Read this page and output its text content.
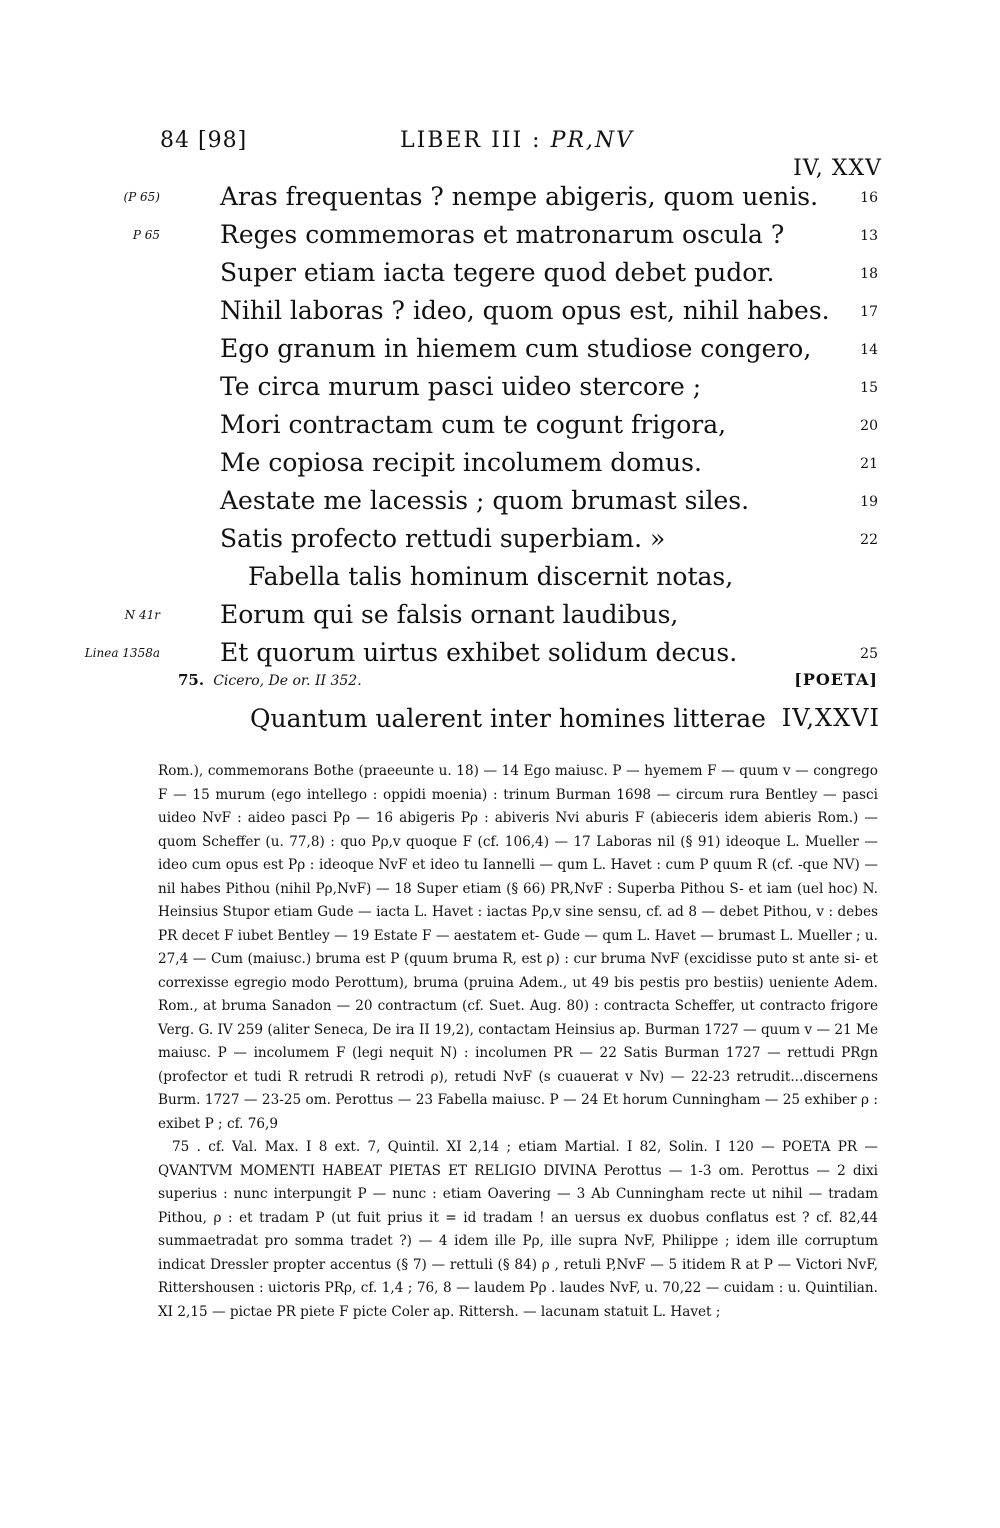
84 [98]	LIBER III : PR,NV
IV, XXV
(P 65) Aras frequentas ? nempe abigeris, quom uenis.	16
P 65 Reges commemoras et matronarum oscula ?	13
Super etiam iacta tegere quod debet pudor.	18
Nihil laboras ? ideo, quom opus est, nihil habes.	17
Ego granum in hiemem cum studiose congero,	14
Te circa murum pasci uideo stercore ;	15
Mori contractam cum te cogunt frigora,	20
Me copiosa recipit incolumem domus.	21
Aestate me lacessis ; quom brumast siles.	19
Satis profecto rettudi superbiam. »	22
Fabella talis hominum discernit notas,
N 41r Eorum qui se falsis ornant laudibus,
Linea 1358a Et quorum uirtus exhibet solidum decus.	25
75. Cicero, De or. II 352.	[POETA]
Quantum ualerent inter homines litterae IV,XXVI

Rom.), commemorans Bothe (praeeunte u. 18) — 14 Ego maiusc. P — hyemem F — quum v — congrego F — 15 murum (ego intellego : oppidi moenia) : trinum Burman 1698 — circum rura Bentley — pasci uideo NvF : aideo pasci Pρ — 16 abigeris Pρ : abiveris Nvi aburis F (abieceris idem abieris Rom.) — quom Scheffer (u. 77,8) : quo Pρ,v quoque F (cf. 106,4) — 17 Laboras nil (§ 91) ideoque L. Mueller — ideo cum opus est Pρ : ideoque NvF et ideo tu Iannelli — qum L. Havet : cum P quum R (cf. -que NV) — nil habes Pithou (nihil Pρ,NvF) — 18 Super etiam (§ 66) PR,NvF : Superba Pithou S- et iam (uel hoc) N. Heinsius Stupor etiam Gude — iacta L. Havet : iactas Pρ,v sine sensu, cf. ad 8 — debet Pithou, v : debes PR decet F iubet Bentley — 19 Estate F — aestatem et- Gude — qum L. Havet — brumast L. Mueller ; u. 27,4 — Cum (maiusc.) bruma est P (quum bruma R, est ρ) : cur bruma NvF (excidisse puto st ante si- et correxisse egregio modo Perottum), bruma (pruina Adem., ut 49 bis pestis pro bestiis) ueniente Adem. Rom., at bruma Sanadon — 20 contractum (cf. Suet. Aug. 80) : contracta Scheffer, ut contracto frigore Verg. G. IV 259 (aliter Seneca, De ira II 19,2), contactam Heinsius ap. Burman 1727 — quum v — 21 Me maiusc. P — incolumem F (legi nequit N) : incolumen PR — 22 Satis Burman 1727 — rettudi PRgn (profector et tudi R retrudi R retrodi ρ), retudi NvF (s cuauerat v Nv) — 22-23 retrudit...discernens Burm. 1727 — 23-25 om. Perottus — 23 Fabella maiusc. P — 24 Et horum Cunningham — 25 exhiber ρ : exibet P ; cf. 76,9

75 . cf. Val. Max. I 8 ext. 7, Quintil. XI 2,14 ; etiam Martial. I 82, Solin. I 120 — POETA PR — QVANTVM MOMENTI HABEAT PIETAS ET RELIGIO DIVINA Perottus — 1-3 om. Perottus — 2 dixi superius : nunc interpungit P — nunc : etiam Oavering — 3 Ab Cunningham recte ut nihil — tradam Pithou, ρ : et tradam P (ut fuit prius it = id tradam ! an uersus ex duobus conflatus est ? cf. 82,44 summaetradat pro somma tradet ?) — 4 idem ille Pρ, ille supra NvF, Philippe ; idem ille corruptum indicat Dressler propter accentus (§ 7) — rettuli (§ 84) ρ , retuli P,NvF — 5 itidem R at P — Victori NvF, Rittershousen : uictoris PRρ, cf. 1,4 ; 76, 8 — laudem Pρ . laudes NvF, u. 70,22 — cuidam : u. Quintilian. XI 2,15 — pictae PR piete F picte Coler ap. Rittersh. — lacunam statuit L. Havet ;
